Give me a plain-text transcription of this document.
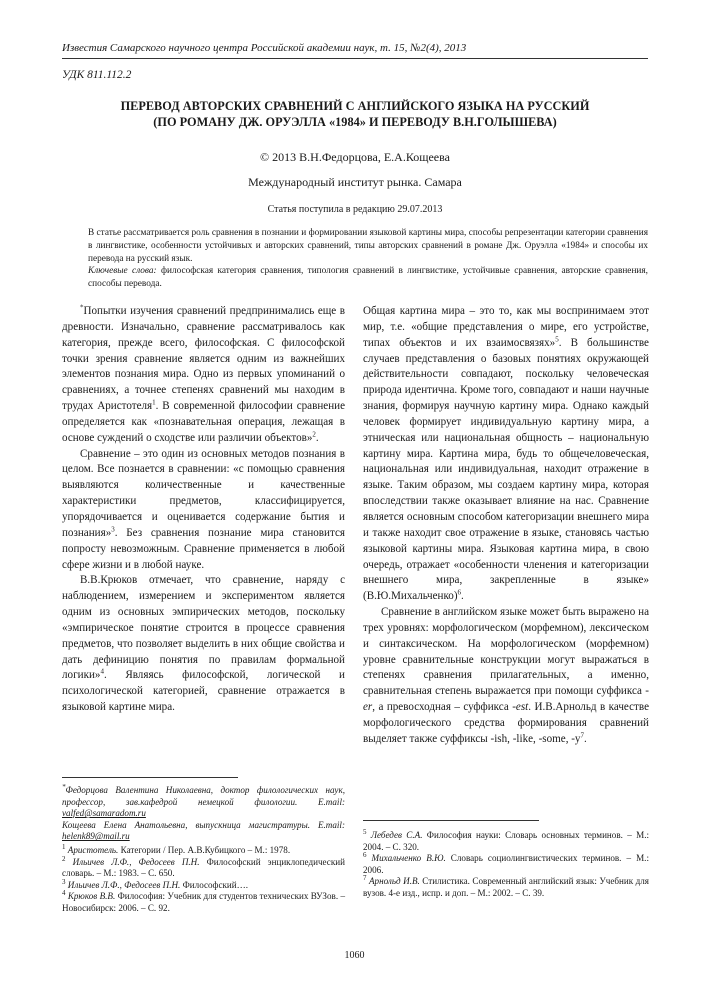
Известия Самарского научного центра Российской академии наук, т. 15, №2(4), 2013
УДК 811.112.2
ПЕРЕВОД АВТОРСКИХ СРАВНЕНИЙ С АНГЛИЙСКОГО ЯЗЫКА НА РУССКИЙ
(ПО РОМАНУ ДЖ. ОРУЭЛЛА «1984» И ПЕРЕВОДУ В.Н.ГОЛЫШЕВА)
© 2013 В.Н.Федорцова, Е.А.Кощеева
Международный институт рынка. Самара
Статья поступила в редакцию 29.07.2013
В статье рассматривается роль сравнения в познании и формировании языковой картины мира, способы репрезентации категории сравнения в лингвистике, особенности устойчивых и авторских сравнений, типы авторских сравнений в романе Дж. Оруэлла «1984» и способы их перевода на русский язык.
Ключевые слова: философская категория сравнения, типология сравнений в лингвистике, устойчивые сравнения, авторские сравнения, способы перевода.

*Попытки изучения сравнений предпринимались еще в древности. Изначально, сравнение рассматривалось как категория, прежде всего, философская. С философской точки зрения сравнение является одним из важнейших элементов познания мира. Одно из первых упоминаний о сравнениях, а точнее степенях сравнений мы находим в трудах Аристотеля$^1$. В современной философии сравнение определяется как «познавательная операция, лежащая в основе суждений о сходстве или различии объектов»$^2$.

Сравнение – это один из основных методов познания в целом. Все познается в сравнении: «с помощью сравнения выявляются количественные и качественные характеристики предметов, классифицируется, упорядочивается и оценивается содержание бытия и познания»$^3$. Без сравнения познание мира становится попросту невозможным. Сравнение применяется в любой сфере жизни и в любой науке.

В.В.Крюков отмечает, что сравнение, наряду с наблюдением, измерением и экспериментом является одним из основных эмпирических методов, поскольку «эмпирическое понятие строится в процессе сравнения предметов, что позволяет выделить в них общие свойства и дать дефиницию понятия по правилам формальной логики»$^4$. Являясь философской, логической и психологической категорией, сравнение отражается в языковой картине мира.

Общая картина мира – это то, как мы воспринимаем этот мир, т.е. «общие представления о мире, его устройстве, типах объектов и их взаимосвязях»$^5$. В большинстве случаев представления о базовых понятиях окружающей действительности совпадают, поскольку человеческая природа идентична. Кроме того, совпадают и наши научные знания, формируя научную картину мира. Однако каждый человек формирует индивидуальную картину мира, а этническая или национальная общность – национальную картину мира. Картина мира, будь то общечеловеческая, национальная или индивидуальная, находит отражение в языке. Таким образом, мы создаем картину мира, которая впоследствии также оказывает влияние на нас. Сравнение является основным способом категоризации внешнего мира и также находит свое отражение в языке, становясь частью языковой картины мира. Языковая картина мира, в свою очередь, отражает «особенности членения и категоризации внешнего мира, закрепленные в языке» (В.Ю.Михальченко)$^6$.

Сравнение в английском языке может быть выражено на трех уровнях: морфологическом (морфемном), лексическом и синтаксическом. На морфологическом (морфемном) уровне сравнительные конструкции могут выражаться в степенях сравнения прилагательных, а именно, сравнительная степень выражается при помощи суффикса -er, а превосходная – суффикса -est. И.В.Арнольд в качестве морфологического средства формирования сравнений выделяет также суффиксы -ish, -like, -some, $-y^7$.

*Федорцова Валентина Николаевна, доктор филологических наук, профессор, зав.кафедрой немецкой филологии. E.mail: valfed@samaradom.ru

Кощеева Елена Анатольевна, выпускница магистратуры. E.mail: helenk89@mail.ru

$^1$ Аристотель. Категории / Пер. А.В.Кубицкого – М.: 1978.

$^2$ Ильичев Л.Ф., Федосеев П.Н. Философский энциклопедический словарь. – М.: 1983. – С. 650.

$^3$ Ильичев Л.Ф., Федосеев П.Н. Философский….

$^4$ Крюков В.В. Философия: Учебник для студентов технических ВУЗов. – Новосибирск: 2006. – С. 92.

$^5$ Лебедев С.А. Философия науки: Словарь основных терминов. – М.: 2004. – С. 320.

$^6$ Михальченко В.Ю. Словарь социолингвистических терминов. – М.: 2006.

$^7$ Арнольд И.В. Стилистика. Современный английский язык: Учебник для вузов. 4-е изд., испр. и доп. – М.: 2002. – С. 39.

1060
